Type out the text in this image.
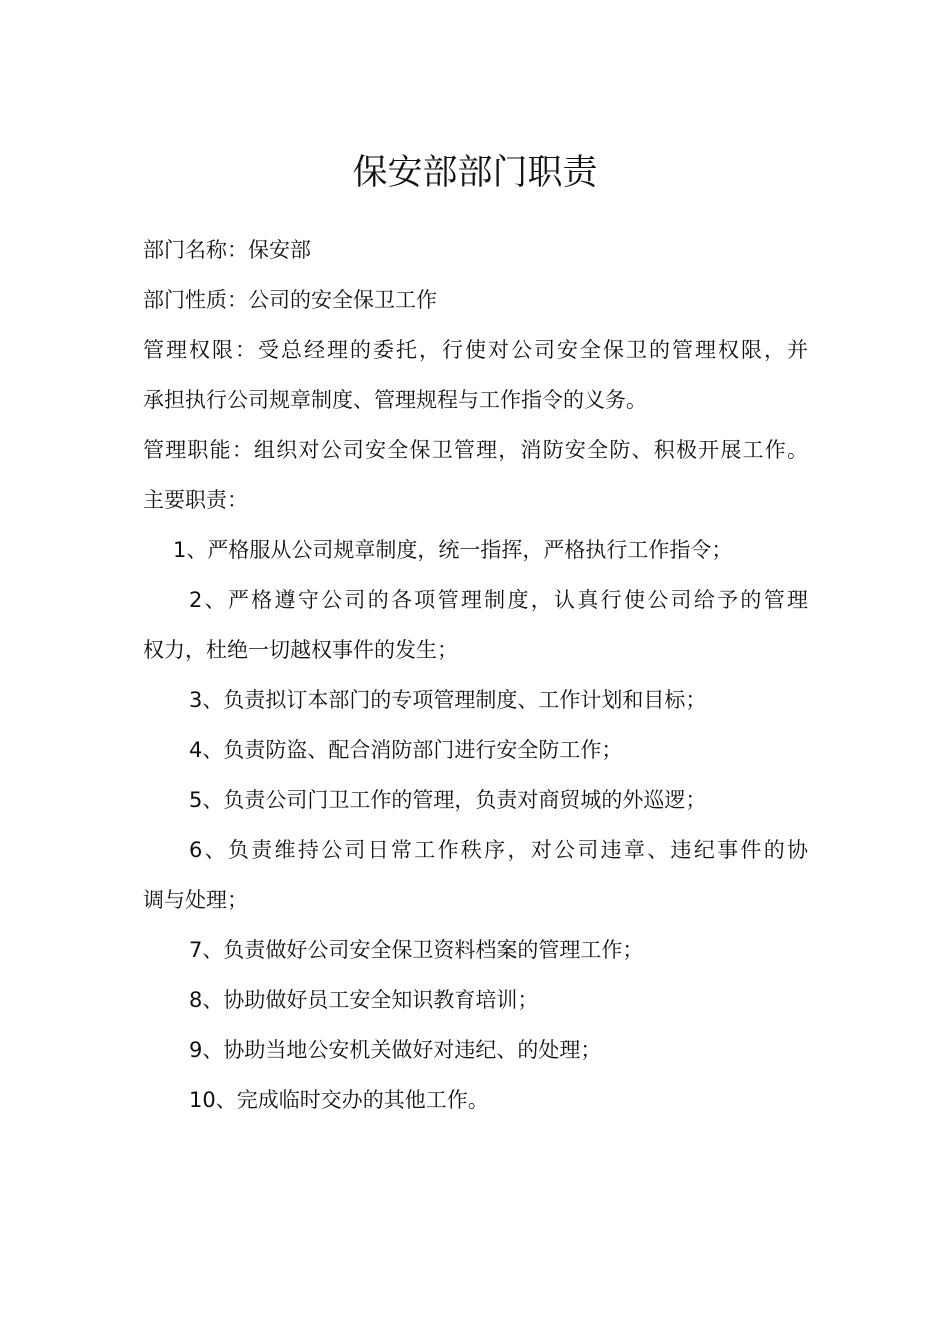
保安部部门职责

部门名称：保安部

部门性质：公司的安全保卫工作

管理权限：受总经理的委托，行使对公司安全保卫的管理权限，并

承担执行公司规章制度、管理规程与工作指令的义务。

管理职能：组织对公司安全保卫管理，消防安全防、积极开展工作。

主要职责：

1、严格服从公司规章制度，统一指挥，严格执行工作指令；

2、严格遵守公司的各项管理制度，认真行使公司给予的管理

权力，杜绝一切越权事件的发生；

3、负责拟订本部门的专项管理制度、工作计划和目标；

4、负责防盗、配合消防部门进行安全防工作；

5、负责公司门卫工作的管理，负责对商贸城的外巡逻；

6、负责维持公司日常工作秩序，对公司违章、违纪事件的协

调与处理；

7、负责做好公司安全保卫资料档案的管理工作；

8、协助做好员工安全知识教育培训；

9、协助当地公安机关做好对违纪、的处理；

10、完成临时交办的其他工作。
